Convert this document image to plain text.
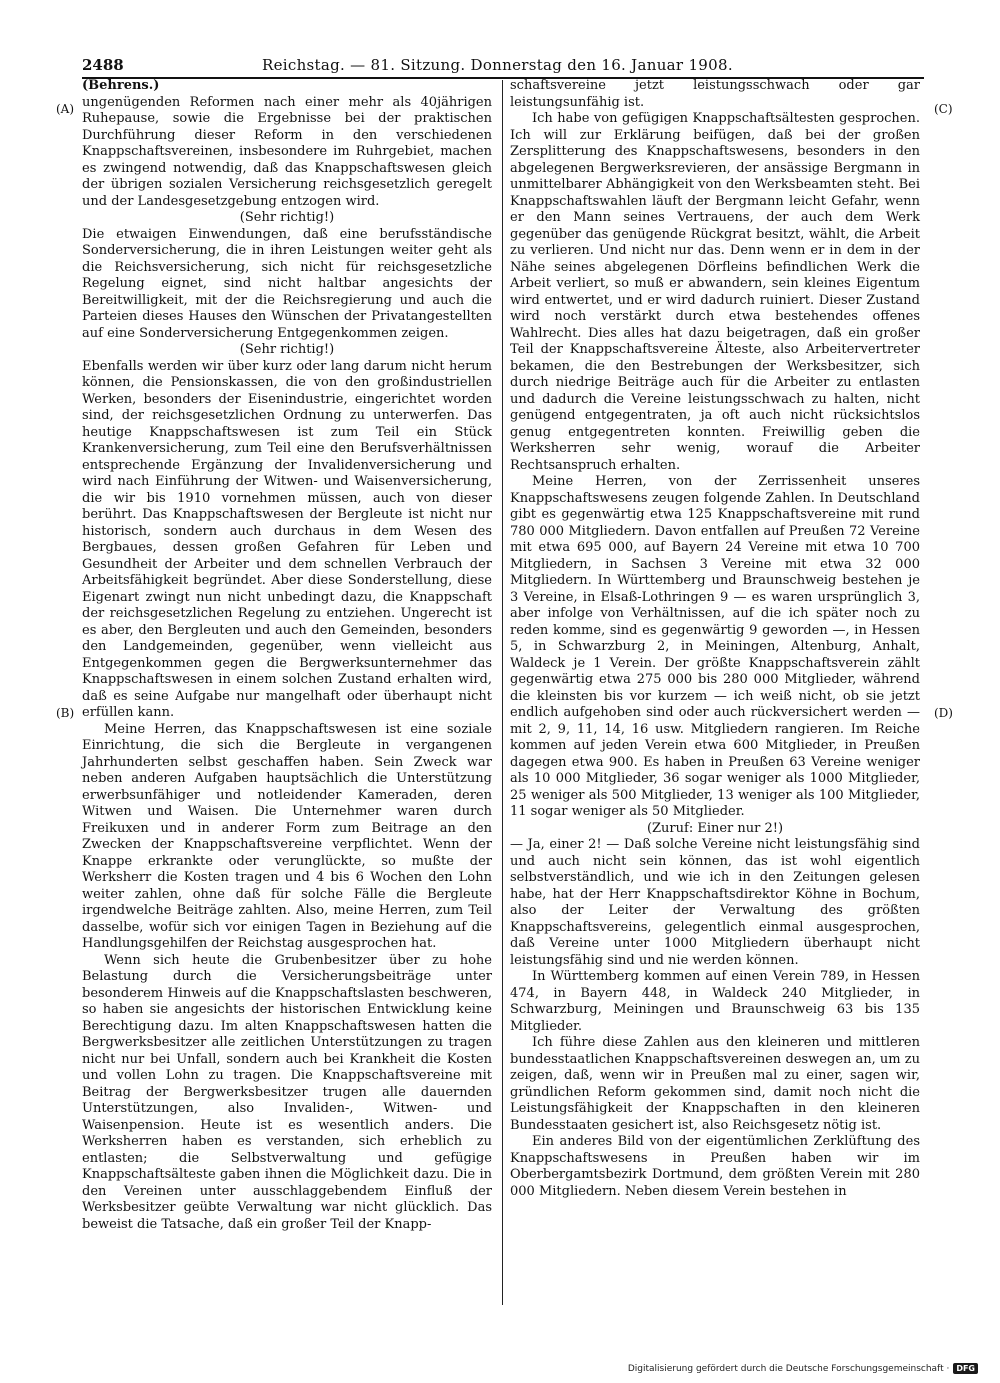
2488	Reichstag. — 81. Sitzung. Donnerstag den 16. Januar 1908.
(A)
(B)
(C)
(D)

(Behrens.)

ungenügenden Reformen nach einer mehr als 40jährigen Ruhepause, sowie die Ergebnisse bei der praktischen Durchführung dieser Reform in den verschiedenen Knappschaftsvereinen, insbesondere im Ruhrgebiet, machen es zwingend notwendig, daß das Knappschaftswesen gleich der übrigen sozialen Versicherung reichsgesetzlich geregelt und der Landesgesetzgebung entzogen wird.

(Sehr richtig!)

Die etwaigen Einwendungen, daß eine berufsständische Sonderversicherung, die in ihren Leistungen weiter geht als die Reichsversicherung, sich nicht für reichsgesetzliche Regelung eignet, sind nicht haltbar angesichts der Bereitwilligkeit, mit der die Reichsregierung und auch die Parteien dieses Hauses den Wünschen der Privatangestellten auf eine Sonderversicherung Entgegenkommen zeigen.

(Sehr richtig!)

Ebenfalls werden wir über kurz oder lang darum nicht herum können, die Pensionskassen, die von den großindustriellen Werken, besonders der Eisenindustrie, eingerichtet worden sind, der reichsgesetzlichen Ordnung zu unterwerfen. Das heutige Knappschaftswesen ist zum Teil ein Stück Krankenversicherung, zum Teil eine den Berufsverhältnissen entsprechende Ergänzung der Invalidenversicherung und wird nach Einführung der Witwen- und Waisenversicherung, die wir bis 1910 vornehmen müssen, auch von dieser berührt. Das Knappschaftswesen der Bergleute ist nicht nur historisch, sondern auch durchaus in dem Wesen des Bergbaues, dessen großen Gefahren für Leben und Gesundheit der Arbeiter und dem schnellen Verbrauch der Arbeitsfähigkeit begründet. Aber diese Sonderstellung, diese Eigenart zwingt nun nicht unbedingt dazu, die Knappschaft der reichsgesetzlichen Regelung zu entziehen. Ungerecht ist es aber, den Bergleuten und auch den Gemeinden, besonders den Landgemeinden, gegenüber, wenn vielleicht aus Entgegenkommen gegen die Bergwerksunternehmer das Knappschaftswesen in einem solchen Zustand erhalten wird, daß es seine Aufgabe nur mangelhaft oder überhaupt nicht erfüllen kann.

Meine Herren, das Knappschaftswesen ist eine soziale Einrichtung, die sich die Bergleute in vergangenen Jahrhunderten selbst geschaffen haben. Sein Zweck war neben anderen Aufgaben hauptsächlich die Unterstützung erwerbsunfähiger und notleidender Kameraden, deren Witwen und Waisen. Die Unternehmer waren durch Freikuxen und in anderer Form zum Beitrage an den Zwecken der Knappschaftsvereine verpflichtet. Wenn der Knappe erkrankte oder verunglückte, so mußte der Werksherr die Kosten tragen und 4 bis 6 Wochen den Lohn weiter zahlen, ohne daß für solche Fälle die Bergleute irgendwelche Beiträge zahlten. Also, meine Herren, zum Teil dasselbe, wofür sich vor einigen Tagen in Beziehung auf die Handlungsgehilfen der Reichstag ausgesprochen hat.

Wenn sich heute die Grubenbesitzer über zu hohe Belastung durch die Versicherungsbeiträge unter besonderem Hinweis auf die Knappschaftslasten beschweren, so haben sie angesichts der historischen Entwicklung keine Berechtigung dazu. Im alten Knappschaftswesen hatten die Bergwerksbesitzer alle zeitlichen Unterstützungen zu tragen nicht nur bei Unfall, sondern auch bei Krankheit die Kosten und vollen Lohn zu tragen. Die Knappschaftsvereine mit Beitrag der Bergwerksbesitzer trugen alle dauernden Unterstützungen, also Invaliden-, Witwen- und Waisenpension. Heute ist es wesentlich anders. Die Werksherren haben es verstanden, sich erheblich zu entlasten; die Selbstverwaltung und gefügige Knappschaftsälteste gaben ihnen die Möglichkeit dazu. Die in den Vereinen unter ausschlaggebendem Einfluß der Werksbesitzer geübte Verwaltung war nicht glücklich. Das beweist die Tatsache, daß ein großer Teil der Knapp-

schaftsvereine jetzt leistungsschwach oder gar leistungsunfähig ist.

Ich habe von gefügigen Knappschaftsältesten gesprochen. Ich will zur Erklärung beifügen, daß bei der großen Zersplitterung des Knappschaftswesens, besonders in den abgelegenen Bergwerksrevieren, der ansässige Bergmann in unmittelbarer Abhängigkeit von den Werksbeamten steht. Bei Knappschaftswahlen läuft der Bergmann leicht Gefahr, wenn er den Mann seines Vertrauens, der auch dem Werk gegenüber das genügende Rückgrat besitzt, wählt, die Arbeit zu verlieren. Und nicht nur das. Denn wenn er in dem in der Nähe seines abgelegenen Dörfleins befindlichen Werk die Arbeit verliert, so muß er abwandern, sein kleines Eigentum wird entwertet, und er wird dadurch ruiniert. Dieser Zustand wird noch verstärkt durch etwa bestehendes offenes Wahlrecht. Dies alles hat dazu beigetragen, daß ein großer Teil der Knappschaftsvereine Älteste, also Arbeitervertreter bekamen, die den Bestrebungen der Werksbesitzer, sich durch niedrige Beiträge auch für die Arbeiter zu entlasten und dadurch die Vereine leistungsschwach zu halten, nicht genügend entgegentraten, ja oft auch nicht rücksichtslos genug entgegentreten konnten. Freiwillig geben die Werksherren sehr wenig, worauf die Arbeiter Rechtsanspruch erhalten.

Meine Herren, von der Zerrissenheit unseres Knappschaftswesens zeugen folgende Zahlen. In Deutschland gibt es gegenwärtig etwa 125 Knappschaftsvereine mit rund 780 000 Mitgliedern. Davon entfallen auf Preußen 72 Vereine mit etwa 695 000, auf Bayern 24 Vereine mit etwa 10 700 Mitgliedern, in Sachsen 3 Vereine mit etwa 32 000 Mitgliedern. In Württemberg und Braunschweig bestehen je 3 Vereine, in Elsaß-Lothringen 9 — es waren ursprünglich 3, aber infolge von Verhältnissen, auf die ich später noch zu reden komme, sind es gegenwärtig 9 geworden —, in Hessen 5, in Schwarzburg 2, in Meiningen, Altenburg, Anhalt, Waldeck je 1 Verein. Der größte Knappschaftsverein zählt gegenwärtig etwa 275 000 bis 280 000 Mitglieder, während die kleinsten bis vor kurzem — ich weiß nicht, ob sie jetzt endlich aufgehoben sind oder auch rückversichert werden — mit 2, 9, 11, 14, 16 usw. Mitgliedern rangieren. Im Reiche kommen auf jeden Verein etwa 600 Mitglieder, in Preußen dagegen etwa 900. Es haben in Preußen 63 Vereine weniger als 10 000 Mitglieder, 36 sogar weniger als 1000 Mitglieder, 25 weniger als 500 Mitglieder, 13 weniger als 100 Mitglieder, 11 sogar weniger als 50 Mitglieder.

(Zuruf: Einer nur 2!)

— Ja, einer 2! — Daß solche Vereine nicht leistungsfähig sind und auch nicht sein können, das ist wohl eigentlich selbstverständlich, und wie ich in den Zeitungen gelesen habe, hat der Herr Knappschaftsdirektor Köhne in Bochum, also der Leiter der Verwaltung des größten Knappschaftsvereins, gelegentlich einmal ausgesprochen, daß Vereine unter 1000 Mitgliedern überhaupt nicht leistungsfähig sind und nie werden können.

In Württemberg kommen auf einen Verein 789, in Hessen 474, in Bayern 448, in Waldeck 240 Mitglieder, in Schwarzburg, Meiningen und Braunschweig 63 bis 135 Mitglieder.

Ich führe diese Zahlen aus den kleineren und mittleren bundesstaatlichen Knappschaftsvereinen deswegen an, um zu zeigen, daß, wenn wir in Preußen mal zu einer, sagen wir, gründlichen Reform gekommen sind, damit noch nicht die Leistungsfähigkeit der Knappschaften in den kleineren Bundesstaaten gesichert ist, also Reichsgesetz nötig ist.

Ein anderes Bild von der eigentümlichen Zerklüftung des Knappschaftswesens in Preußen haben wir im Oberbergamtsbezirk Dortmund, dem größten Verein mit 280 000 Mitgliedern. Neben diesem Verein bestehen in

Digitalisierung gefördert durch die Deutsche Forschungsgemeinschaft · DFG
